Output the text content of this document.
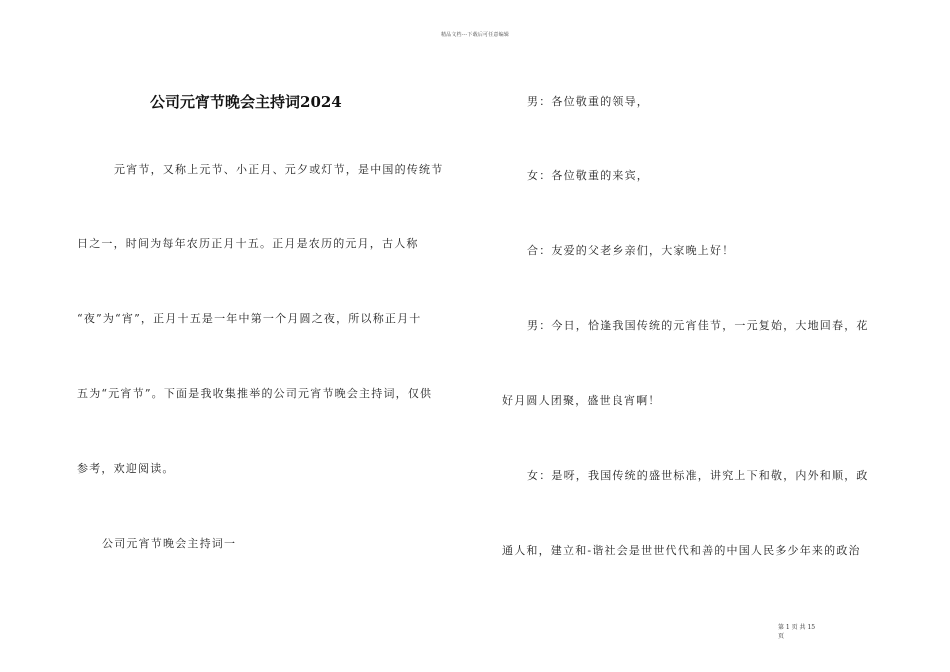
精品文档---下载后可任意编辑
公司元宵节晚会主持词2024
元宵节，又称上元节、小正月、元夕或灯节，是中国的传统节
日之一，时间为每年农历正月十五。正月是农历的元月，古人称
“夜”为“宵”，正月十五是一年中第一个月圆之夜，所以称正月十
五为“元宵节”。下面是我收集推举的公司元宵节晚会主持词，仅供
参考，欢迎阅读。
公司元宵节晚会主持词一
男：各位敬重的领导，
女：各位敬重的来宾，
合：友爱的父老乡亲们，大家晚上好！
男：今日，恰逢我国传统的元宵佳节，一元复始，大地回春，花
好月圆人团聚，盛世良宵啊！
女：是呀，我国传统的盛世标准，讲究上下和敬，内外和顺，政
通人和，建立和-谐社会是世世代代和善的中国人民多少年来的政治
第 1 页 共 15
页
